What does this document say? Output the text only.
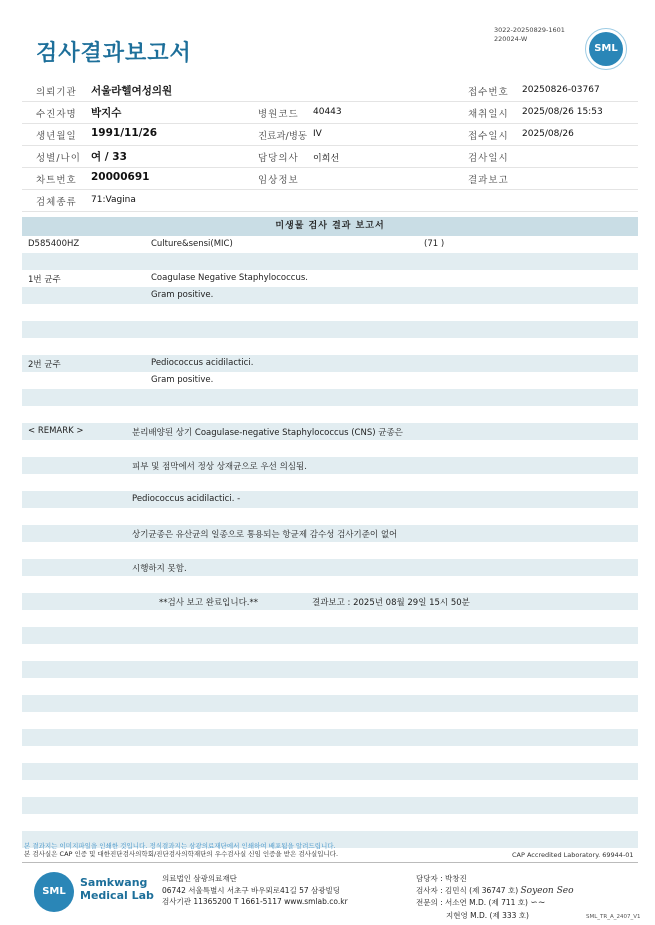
검사결과보고서
3022-20250829-1601
220024-W
SML
의뢰기관 서울라헬여성의원	접수번호 20250826-03767
수진자명 박지수	병원코드 40443	채취일시 2025/08/26 15:53
생년월일 1991/11/26	진료과/병동 IV	접수일시 2025/08/26
성별/나이 여 / 33	담당의사 이희선	검사일시
차트번호 20000691	임상정보	결과보고
검체종류 71:Vagina
미생물 검사 결과 보고서
D585400HZ	Culture&sensi(MIC)	(71 )
1번 균주	Coagulase Negative Staphylococcus.
Gram positive.
2번 균주	Pediococcus acidilactici.
Gram positive.
< REMARK >	분리배양된 상기 Coagulase-negative Staphylococcus (CNS) 균종은
피부 및 점막에서 정상 상재균으로 우선 의심됨.
Pediococcus acidilactici. -
상기균종은 유산균의 일종으로 통용되는 항균제 감수성 검사기준이 없어
시행하지 못함.
**검사 보고 완료입니다.**	결과보고 : 2025년 08월 29일 15시 50분
본 결과지는 이미지파일을 인쇄한 것입니다. 정식결과지는 삼광의료재단에서 인쇄하여 배포됨을 알려드립니다.
본 검사실은 CAP 인증 및 대한진단검사의학회/진단검사의학재단의 우수검사실 신임 인증을 받은 검사실입니다.	CAP Accredited Laboratory. 69944-01
SML
Samkwang
Medical Lab
의료법인 삼광의료재단
06742 서울특별시 서초구 바우뫼로41길 57 삼광빌딩
검사기관 11365200 T 1661-5117 www.smlab.co.kr
담당자 : 박창진
검사자 : 김민식 (제 36747 호) Soyeon Seo
전문의 : 서소연 M.D. (제 711 호) ∽~
지현영 M.D. (제 333 호)	SML_TR_A_2407_V1
